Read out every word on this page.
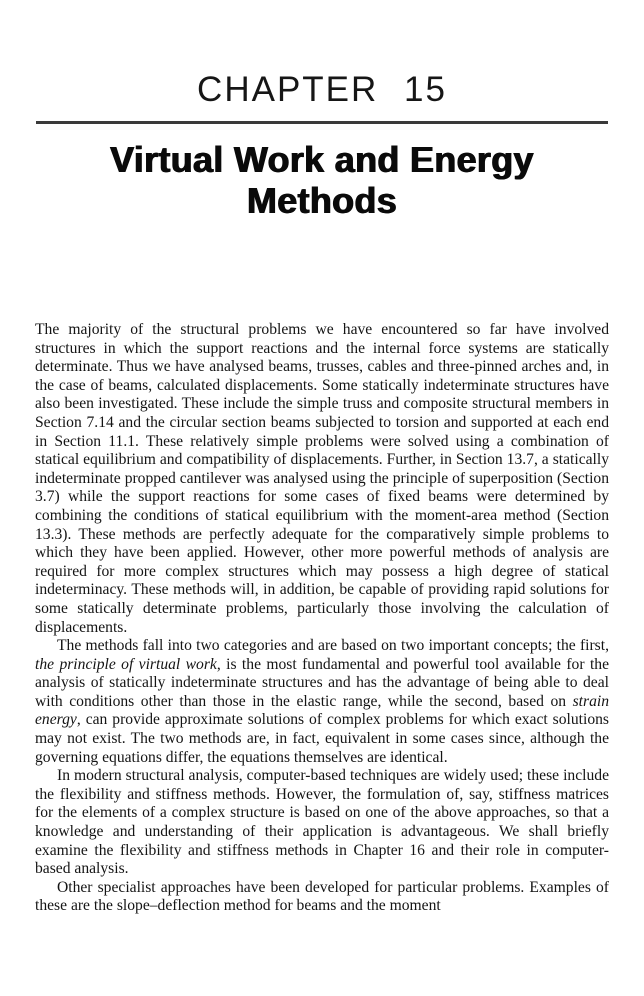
CHAPTER 15
Virtual Work and Energy
Methods

The majority of the structural problems we have encountered so far have involved structures in which the support reactions and the internal force systems are statically determinate. Thus we have analysed beams, trusses, cables and three-pinned arches and, in the case of beams, calculated displacements. Some statically indeterminate structures have also been investigated. These include the simple truss and composite structural members in Section 7.14 and the circular section beams subjected to torsion and supported at each end in Section 11.1. These relatively simple problems were solved using a combination of statical equilibrium and compatibility of displacements. Further, in Section 13.7, a statically indeterminate propped cantilever was analysed using the principle of superposition (Section 3.7) while the support reactions for some cases of fixed beams were determined by combining the conditions of statical equilibrium with the moment-area method (Section 13.3). These methods are perfectly adequate for the comparatively simple problems to which they have been applied. However, other more powerful methods of analysis are required for more complex structures which may possess a high degree of statical indeterminacy. These methods will, in addition, be capable of providing rapid solutions for some statically determinate problems, particularly those involving the calculation of displacements.

The methods fall into two categories and are based on two important concepts; the first, the principle of virtual work, is the most fundamental and powerful tool available for the analysis of statically indeterminate structures and has the advantage of being able to deal with conditions other than those in the elastic range, while the second, based on strain energy, can provide approximate solutions of complex problems for which exact solutions may not exist. The two methods are, in fact, equivalent in some cases since, although the governing equations differ, the equations themselves are identical.

In modern structural analysis, computer-based techniques are widely used; these include the flexibility and stiffness methods. However, the formulation of, say, stiffness matrices for the elements of a complex structure is based on one of the above approaches, so that a knowledge and understanding of their application is advantageous. We shall briefly examine the flexibility and stiffness methods in Chapter 16 and their role in computer-based analysis.

Other specialist approaches have been developed for particular problems. Examples of these are the slope–deflection method for beams and the moment
